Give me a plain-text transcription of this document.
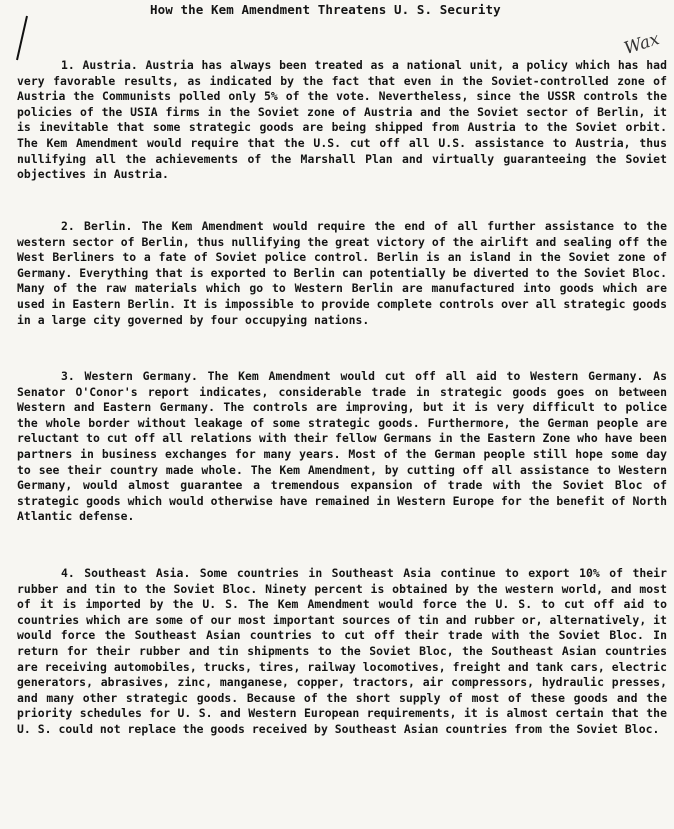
How the Kem Amendment Threatens U. S. Security
Wax

1. Austria. Austria has always been treated as a national unit, a policy which has had very favorable results, as indicated by the fact that even in the Soviet-controlled zone of Austria the Communists polled only 5% of the vote. Nevertheless, since the USSR controls the policies of the USIA firms in the Soviet zone of Austria and the Soviet sector of Berlin, it is inevitable that some strategic goods are being shipped from Austria to the Soviet orbit. The Kem Amendment would require that the U.S. cut off all U.S. assistance to Austria, thus nullifying all the achievements of the Marshall Plan and virtually guaranteeing the Soviet objectives in Austria.

2. Berlin. The Kem Amendment would require the end of all further assistance to the western sector of Berlin, thus nullifying the great victory of the airlift and sealing off the West Berliners to a fate of Soviet police control. Berlin is an island in the Soviet zone of Germany. Everything that is exported to Berlin can potentially be diverted to the Soviet Bloc. Many of the raw materials which go to Western Berlin are manufactured into goods which are used in Eastern Berlin. It is impossible to provide complete controls over all strategic goods in a large city governed by four occupying nations.

3. Western Germany. The Kem Amendment would cut off all aid to Western Germany. As Senator O'Conor's report indicates, considerable trade in strategic goods goes on between Western and Eastern Germany. The controls are improving, but it is very difficult to police the whole border without leakage of some strategic goods. Furthermore, the German people are reluctant to cut off all relations with their fellow Germans in the Eastern Zone who have been partners in business exchanges for many years. Most of the German people still hope some day to see their country made whole. The Kem Amendment, by cutting off all assistance to Western Germany, would almost guarantee a tremendous expansion of trade with the Soviet Bloc of strategic goods which would otherwise have remained in Western Europe for the benefit of North Atlantic defense.

4. Southeast Asia. Some countries in Southeast Asia continue to export 10% of their rubber and tin to the Soviet Bloc. Ninety percent is obtained by the western world, and most of it is imported by the U. S. The Kem Amendment would force the U. S. to cut off aid to countries which are some of our most important sources of tin and rubber or, alternatively, it would force the Southeast Asian countries to cut off their trade with the Soviet Bloc. In return for their rubber and tin shipments to the Soviet Bloc, the Southeast Asian countries are receiving automobiles, trucks, tires, railway locomotives, freight and tank cars, electric generators, abrasives, zinc, manganese, copper, tractors, air compressors, hydraulic presses, and many other strategic goods. Because of the short supply of most of these goods and the priority schedules for U. S. and Western European requirements, it is almost certain that the U. S. could not replace the goods received by Southeast Asian countries from the Soviet Bloc.
